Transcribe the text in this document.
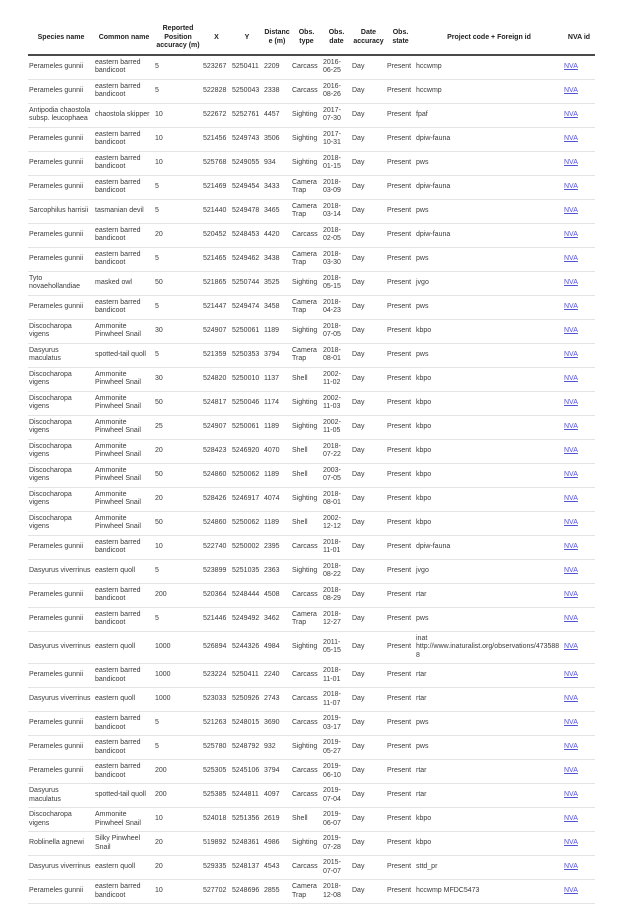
Species name	Common name	Reported Position accuracy (m)	X	Y	Distance (m)	Obs. type	Obs. date	Date accuracy	Obs. state	Project code + Foreign id	NVA id
Perameles gunnii	eastern barred bandicoot	5	523267	5250411	2209	Carcass	2016-06-25	Day	Present	hccwmp	NVA
Perameles gunnii	eastern barred bandicoot	5	522828	5250043	2338	Carcass	2016-08-26	Day	Present	hccwmp	NVA
Antipodia chaostola subsp. leucophaea	chaostola skipper	10	522672	5252761	4457	Sighting	2017-07-30	Day	Present	fpaf	NVA
Perameles gunnii	eastern barred bandicoot	10	521456	5249743	3506	Sighting	2017-10-31	Day	Present	dpiw-fauna	NVA
Perameles gunnii	eastern barred bandicoot	10	525768	5249055	934	Sighting	2018-01-15	Day	Present	pws	NVA
Perameles gunnii	eastern barred bandicoot	5	521469	5249454	3433	Camera Trap	2018-03-09	Day	Present	dpiw-fauna	NVA
Sarcophilus harrisii	tasmanian devil	5	521440	5249478	3465	Camera Trap	2018-03-14	Day	Present	pws	NVA
Perameles gunnii	eastern barred bandicoot	20	520452	5248453	4420	Carcass	2018-02-05	Day	Present	dpiw-fauna	NVA
Perameles gunnii	eastern barred bandicoot	5	521465	5249462	3438	Camera Trap	2018-03-30	Day	Present	pws	NVA
Tyto novaehollandiae	masked owl	50	521865	5250744	3525	Sighting	2018-05-15	Day	Present	jvgo	NVA
Perameles gunnii	eastern barred bandicoot	5	521447	5249474	3458	Camera Trap	2018-04-23	Day	Present	pws	NVA
Discocharopa vigens	Ammonite Pinwheel Snail	30	524907	5250061	1189	Sighting	2018-07-05	Day	Present	kbpo	NVA
Dasyurus maculatus	spotted-tail quoll	5	521359	5250353	3794	Camera Trap	2018-08-01	Day	Present	pws	NVA
Discocharopa vigens	Ammonite Pinwheel Snail	30	524820	5250010	1137	Shell	2002-11-02	Day	Present	kbpo	NVA
Discocharopa vigens	Ammonite Pinwheel Snail	50	524817	5250046	1174	Sighting	2002-11-03	Day	Present	kbpo	NVA
Discocharopa vigens	Ammonite Pinwheel Snail	25	524907	5250061	1189	Sighting	2002-11-05	Day	Present	kbpo	NVA
Discocharopa vigens	Ammonite Pinwheel Snail	20	528423	5246920	4070	Shell	2018-07-22	Day	Present	kbpo	NVA
Discocharopa vigens	Ammonite Pinwheel Snail	50	524860	5250062	1189	Shell	2003-07-05	Day	Present	kbpo	NVA
Discocharopa vigens	Ammonite Pinwheel Snail	20	528426	5246917	4074	Sighting	2018-08-01	Day	Present	kbpo	NVA
Discocharopa vigens	Ammonite Pinwheel Snail	50	524860	5250062	1189	Shell	2002-12-12	Day	Present	kbpo	NVA
Perameles gunnii	eastern barred bandicoot	10	522740	5250002	2395	Carcass	2018-11-01	Day	Present	dpiw-fauna	NVA
Dasyurus viverrinus	eastern quoll	5	523899	5251035	2363	Sighting	2018-08-22	Day	Present	jvgo	NVA
Perameles gunnii	eastern barred bandicoot	200	520364	5248444	4508	Carcass	2018-08-29	Day	Present	rtar	NVA
Perameles gunnii	eastern barred bandicoot	5	521446	5249492	3462	Camera Trap	2018-12-27	Day	Present	pws	NVA
Dasyurus viverrinus	eastern quoll	1000	526894	5244326	4984	Sighting	2011-05-15	Day	Present	inat http://www.inaturalist.org/observations/4735888	NVA
Perameles gunnii	eastern barred bandicoot	1000	523224	5250411	2240	Carcass	2018-11-01	Day	Present	rtar	NVA
Dasyurus viverrinus	eastern quoll	1000	523033	5250926	2743	Carcass	2018-11-07	Day	Present	rtar	NVA
Perameles gunnii	eastern barred bandicoot	5	521263	5248015	3690	Carcass	2019-03-17	Day	Present	pws	NVA
Perameles gunnii	eastern barred bandicoot	5	525780	5248792	932	Sighting	2019-05-27	Day	Present	pws	NVA
Perameles gunnii	eastern barred bandicoot	200	525305	5245106	3794	Carcass	2019-06-10	Day	Present	rtar	NVA
Dasyurus maculatus	spotted-tail quoll	200	525385	5244811	4097	Carcass	2019-07-04	Day	Present	rtar	NVA
Discocharopa vigens	Ammonite Pinwheel Snail	10	524018	5251356	2619	Shell	2019-06-07	Day	Present	kbpo	NVA
Roblinella agnewi	Silky Pinwheel Snail	20	519892	5248361	4986	Sighting	2019-07-28	Day	Present	kbpo	NVA
Dasyurus viverrinus	eastern quoll	20	529335	5248137	4543	Carcass	2015-07-07	Day	Present	sttd_pr	NVA
Perameles gunnii	eastern barred bandicoot	10	527702	5248696	2855	Camera Trap	2018-12-08	Day	Present	hccwmp MFDC5473	NVA
